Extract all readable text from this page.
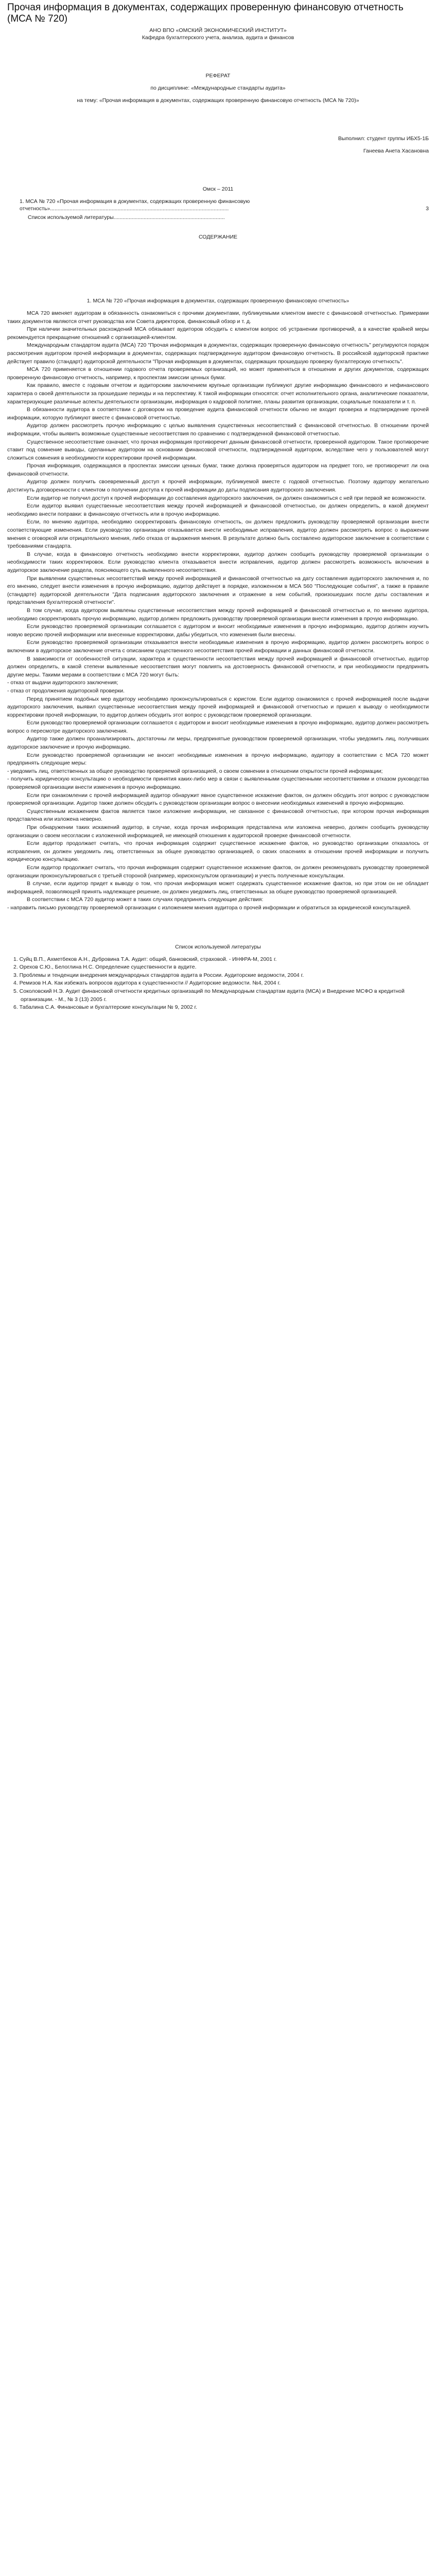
Прочая информация в документах, содержащих проверенную финансовую отчетность (МСА № 720)

АНО ВПО «ОМСКИЙ ЭКОНОМИЧЕСКИЙ ИНСТИТУТ»

Кафедра бухгалтерского учета, анализа, аудита и финансов

РЕФЕРАТ

по дисциплине: «Международные стандарты аудита»

на тему: «Прочая информация в документах, содержащих проверенную финансовую отчетность (МСА № 720)»

Выполнил: студент группы ИБХ5-1Б

Ганеева Анета Хасановна

Омск – 2011

1. МСА № 720 «Прочая информация в документах, содержащих проверенную финансовую отчетность».......................................................................................................................	3
Список используемой литературы..........................................................................

СОДЕРЖАНИЕ

1. МСА № 720 «Прочая информация в документах, содержащих проверенную финансовую отчетность»

МСА 720 вменяет аудиторам в обязанность ознакомиться с прочими документами, публикуемыми клиентом вместе с финансовой отчетностью. Примерами таких документов являются отчет руководства или Совета директоров, финансовый обзор и т. д.

При наличии значительных расхождений МСА обязывает аудиторов обсудить с клиентом вопрос об устранении противоречий, а в качестве крайней меры рекомендуется прекращение отношений с организацией-клиентом.

Международным стандартом аудита (МСА) 720 "Прочая информация в документах, содержащих проверенную финансовую отчетность" регулируются порядок рассмотрения аудитором прочей информации в документах, содержащих подтвержденную аудитором финансовую отчетность. В российской аудиторской практике действует правило (стандарт) аудиторской деятельности "Прочая информация в документах, содержащих прошедшую проверку бухгалтерскую отчетность".

МСА 720 применяется в отношении годового отчета проверяемых организаций, но может применяться в отношении и других документов, содержащих проверенную финансовую отчетность, например, к проспектам эмиссии ценных бумаг.

Как правило, вместе с годовым отчетом и аудиторским заключением крупные организации публикуют другие информацию финансового и нефинансового характера о своей деятельности за прошедшие периоды и на перспективу. К такой информации относятся: отчет исполнительного органа, аналитические показатели, характеризующие различные аспекты деятельности организации, информация о кадровой политике, планы развития организации, социальные показатели и т. п.

В обязанности аудитора в соответствии с договором на проведение аудита финансовой отчетности обычно не входит проверка и подтверждение прочей информации, которую публикуют вместе с финансовой отчетностью.

Аудитор должен рассмотреть прочую информацию с целью выявления существенных несоответствий с финансовой отчетностью. В отношении прочей информации, чтобы выявить возможные существенные несоответствия по сравнению с подтвержденной финансовой отчетностью.

Существенное несоответствие означает, что прочая информация противоречит данным финансовой отчетности, проверенной аудитором. Такое противоречие ставит под сомнение выводы, сделанные аудитором на основании финансовой отчетности, подтвержденной аудитором, вследствие чего у пользователей могут сложиться сомнения в необходимости корректировки прочей информации.

Прочая информация, содержащаяся в проспектах эмиссии ценных бумаг, также должна проверяться аудитором на предмет того, не противоречит ли она финансовой отчетности.

Аудитор должен получить своевременный доступ к прочей информации, публикуемой вместе с годовой отчетностью. Поэтому аудитору желательно достигнуть договоренности с клиентом о получении доступа к прочей информации до даты подписания аудиторского заключения.

Если аудитор не получил доступ к прочей информации до составления аудиторского заключения, он должен ознакомиться с ней при первой же возможности.

Если аудитор выявил существенные несоответствия между прочей информацией и финансовой отчетностью, он должен определить, в какой документ необходимо внести поправки: в финансовую отчетность или в прочую информацию.

Если, по мнению аудитора, необходимо скорректировать финансовую отчетность, он должен предложить руководству проверяемой организации внести соответствующие изменения. Если руководство организации отказывается внести необходимые исправления, аудитор должен рассмотреть вопрос о выражении мнения с оговоркой или отрицательного мнения, либо отказа от выражения мнения. В результате должно быть составлено аудиторское заключение в соответствии с требованиями стандарта.

В случае, когда в финансовую отчетность необходимо внести корректировки, аудитор должен сообщить руководству проверяемой организации о необходимости таких корректировок. Если руководство клиента отказывается внести исправления, аудитор должен рассмотреть возможность включения в аудиторское заключение раздела, поясняющего суть выявленного несоответствия.

При выявлении существенных несоответствий между прочей информацией и финансовой отчетностью на дату составления аудиторского заключения и, по его мнению, следует внести изменения в прочую информацию, аудитор действует в порядке, изложенном в МСА 560 "Последующие события", а также в правиле (стандарте) аудиторской деятельности "Дата подписания аудиторского заключения и отражение в нем событий, произошедших после даты составления и представления бухгалтерской отчетности".

В том случае, когда аудитором выявлены существенные несоответствия между прочей информацией и финансовой отчетностью и, по мнению аудитора, необходимо скорректировать прочую информацию, аудитор должен предложить руководству проверяемой организации внести изменения в прочую информацию.

Если руководство проверяемой организации соглашается с аудитором и вносит необходимые изменения в прочую информацию, аудитор должен изучить новую версию прочей информации или внесенные корректировки, дабы убедиться, что изменения были внесены.

Если руководство проверяемой организации отказывается внести необходимые изменения в прочую информацию, аудитор должен рассмотреть вопрос о включении в аудиторское заключение отчета с описанием существенного несоответствия прочей информации и данных финансовой отчетности.

В зависимости от особенностей ситуации, характера и существенности несоответствия между прочей информацией и финансовой отчетностью, аудитор должен определить, в какой степени выявленные несоответствия могут повлиять на достоверность финансовой отчетности, и при необходимости предпринять другие меры. Такими мерами в соответствии с МСА 720 могут быть:

- отказ от выдачи аудиторского заключения;

- отказ от продолжения аудиторской проверки.

Перед принятием подобных мер аудитору необходимо проконсультироваться с юристом. Если аудитор ознакомился с прочей информацией после выдачи аудиторского заключения, выявил существенные несоответствия между прочей информацией и финансовой отчетностью и пришел к выводу о необходимости корректировки прочей информации, то аудитор должен обсудить этот вопрос с руководством проверяемой организации.

Если руководство проверяемой организации соглашается с аудитором и вносит необходимые изменения в прочую информацию, аудитор должен рассмотреть вопрос о пересмотре аудиторского заключения.

Аудитор также должен проанализировать, достаточны ли меры, предпринятые руководством проверяемой организации, чтобы уведомить лиц, получивших аудиторское заключение и прочую информацию.

Если руководство проверяемой организации не вносит необходимые изменения в прочую информацию, аудитору в соответствии с МСА 720 может предпринять следующие меры:

- уведомить лиц, ответственных за общее руководство проверяемой организацией, о своем сомнении в отношении открытости прочей информации;

- получить юридическую консультацию о необходимости принятия каких-либо мер в связи с выявленными существенными несоответствиями и отказом руководства проверяемой организации внести изменения в прочую информацию.

Если при ознакомлении с прочей информацией аудитор обнаружит явное существенное искажение фактов, он должен обсудить этот вопрос с руководством проверяемой организации. Аудитор также должен обсудить с руководством организации вопрос о внесении необходимых изменений в прочую информацию.

Существенным искажением фактов является такое изложение информации, не связанное с финансовой отчетностью, при котором прочая информация представлена или изложена неверно.

При обнаружении таких искажений аудитор, в случае, когда прочая информация представлена или изложена неверно, должен сообщить руководству организации о своем несогласии с изложенной информацией, не имеющей отношения к аудиторской проверке финансовой отчетности.

Если аудитор продолжает считать, что прочая информация содержит существенное искажение фактов, но руководство организации отказалось от исправления, он должен уведомить лиц, ответственных за общее руководство организацией, о своих опасениях в отношении прочей информации и получить юридическую консультацию.

Если аудитор продолжает считать, что прочая информация содержит существенное искажение фактов, он должен рекомендовать руководству проверяемой организации проконсультироваться с третьей стороной (например, юрисконсультом организации) и учесть полученные консультации.

В случае, если аудитор придет к выводу о том, что прочая информация может содержать существенное искажение фактов, но при этом он не обладает информацией, позволяющей принять надлежащее решение, он должен уведомить лиц, ответственных за общее руководство проверяемой организацией.

В соответствии с МСА 720 аудитор может в таких случаях предпринять следующие действия:

- направить письмо руководству проверяемой организации с изложением мнения аудитора о прочей информации и обратиться за юридической консультацией.

Список используемой литературы

1. Суйц В.П., Ахметбеков А.Н., Дубровина Т.А. Аудит: общий, банковский, страховой. - ИНФРА-М, 2001 г.

2. Орехов С.Ю., Белоглина Н.С. Определение существенности в аудите.

3. Проблемы и тенденции внедрения международных стандартов аудита в России. Аудиторские ведомости, 2004 г.

4. Ремизов Н.А. Как избежать вопросов аудитора к существенности // Аудиторские ведомости. №4, 2004 г.

5. Соколовский Н.Э. Аудит финансовой отчетности кредитных организаций по Международным стандартам аудита (МСА) и Внедрение МСФО в кредитной организации. - М., № 3 (13) 2005 г.

6. Табалина С.А. Финансовые и бухгалтерские консультации № 9, 2002 г.
